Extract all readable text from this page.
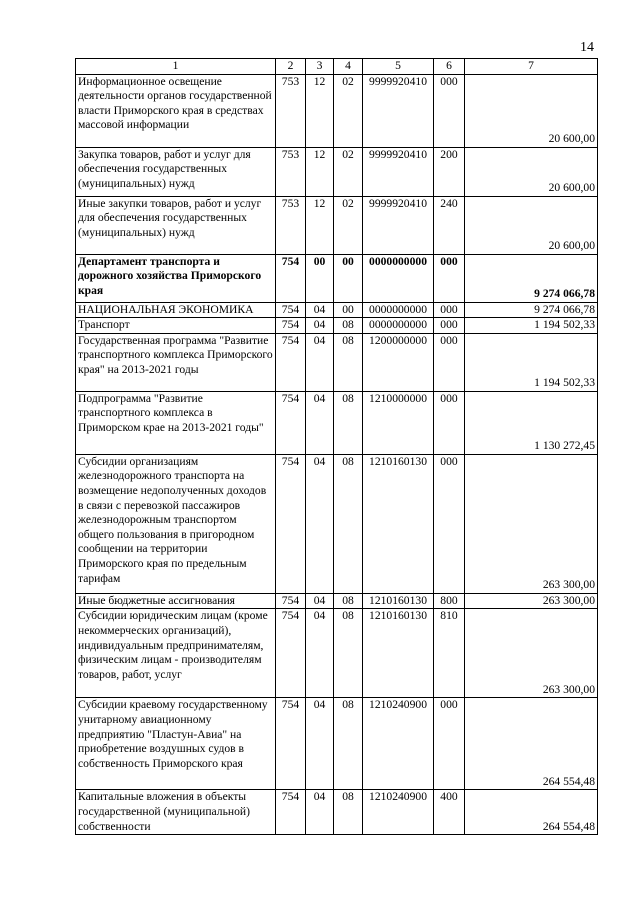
14
1	2	3	4	5	6	7
Информационное освещение деятельности органов государственной власти Приморского края в средствах массовой информации	753	12	02	9999920410	000	20 600,00
Закупка товаров, работ и услуг для обеспечения государственных (муниципальных) нужд	753	12	02	9999920410	200	20 600,00
Иные закупки товаров, работ и услуг для обеспечения государственных (муниципальных) нужд	753	12	02	9999920410	240	20 600,00
Департамент транспорта и дорожного хозяйства Приморского края	754	00	00	0000000000	000	9 274 066,78
НАЦИОНАЛЬНАЯ ЭКОНОМИКА	754	04	00	0000000000	000	9 274 066,78
Транспорт	754	04	08	0000000000	000	1 194 502,33
Государственная программа "Развитие транспортного комплекса Приморского края" на 2013-2021 годы	754	04	08	1200000000	000	1 194 502,33
Подпрограмма "Развитие транспортного комплекса в Приморском крае на 2013-2021 годы"	754	04	08	1210000000	000	1 130 272,45
Субсидии организациям железнодорожного транспорта на возмещение недополученных доходов в связи с перевозкой пассажиров железнодорожным транспортом общего пользования в пригородном сообщении на территории Приморского края по предельным тарифам	754	04	08	1210160130	000	263 300,00
Иные бюджетные ассигнования	754	04	08	1210160130	800	263 300,00
Субсидии юридическим лицам (кроме некоммерческих организаций), индивидуальным предпринимателям, физическим лицам - производителям товаров, работ, услуг	754	04	08	1210160130	810	263 300,00
Субсидии краевому государственному унитарному авиационному предприятию "Пластун-Авиа" на приобретение воздушных судов в собственность Приморского края	754	04	08	1210240900	000	264 554,48
Капитальные вложения в объекты государственной (муниципальной) собственности	754	04	08	1210240900	400	264 554,48
